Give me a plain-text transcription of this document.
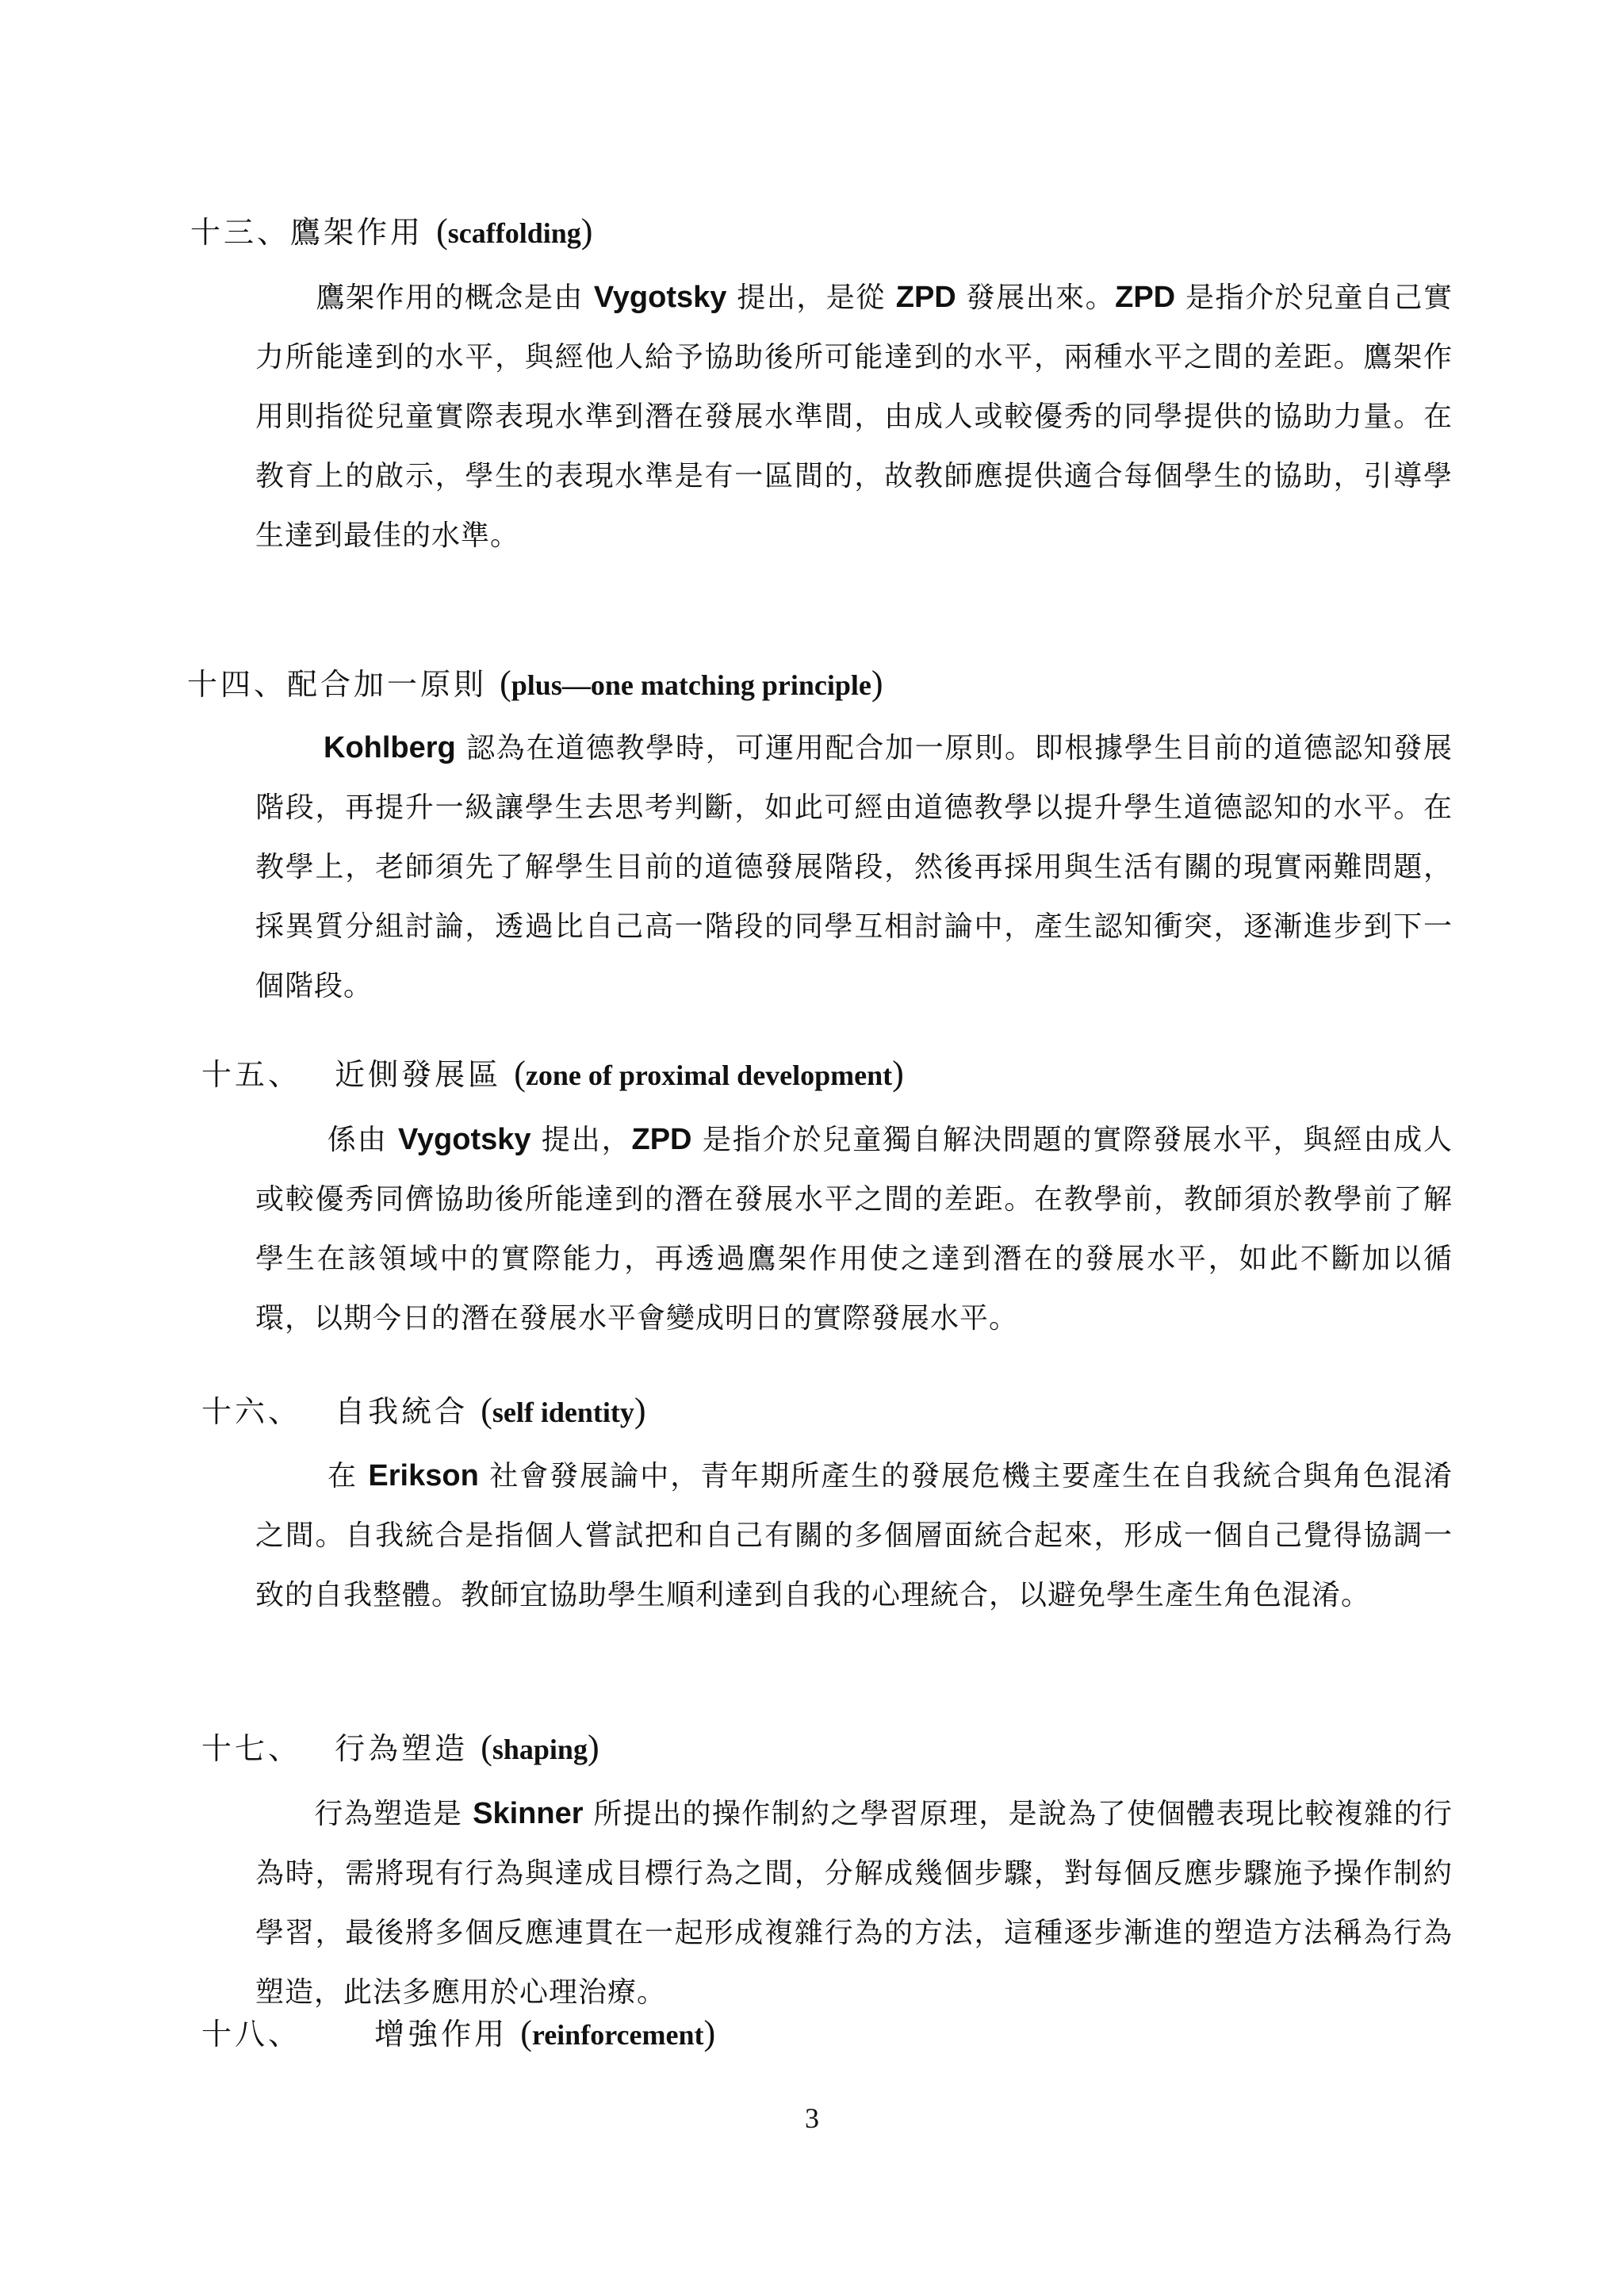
十三、鷹架作用 (scaffolding)
鷹架作用的概念是由 Vygotsky 提出，是從 ZPD 發展出來。ZPD 是指介於兒童自己實力所能達到的水平，與經他人給予協助後所可能達到的水平，兩種水平之間的差距。鷹架作用則指從兒童實際表現水準到潛在發展水準間，由成人或較優秀的同學提供的協助力量。在教育上的啟示，學生的表現水準是有一區間的，故教師應提供適合每個學生的協助，引導學生達到最佳的水準。
十四、配合加一原則 (plus—one matching principle)
Kohlberg 認為在道德教學時，可運用配合加一原則。即根據學生目前的道德認知發展階段，再提升一級讓學生去思考判斷，如此可經由道德教學以提升學生道德認知的水平。在教學上，老師須先了解學生目前的道德發展階段，然後再採用與生活有關的現實兩難問題，採異質分組討論，透過比自己高一階段的同學互相討論中，產生認知衝突，逐漸進步到下一個階段。
十五、 近側發展區 (zone of proximal development)
係由 Vygotsky 提出，ZPD 是指介於兒童獨自解決問題的實際發展水平，與經由成人或較優秀同儕協助後所能達到的潛在發展水平之間的差距。在教學前，教師須於教學前了解學生在該領域中的實際能力，再透過鷹架作用使之達到潛在的發展水平，如此不斷加以循環，以期今日的潛在發展水平會變成明日的實際發展水平。
十六、 自我統合 (self identity)
在 Erikson 社會發展論中，青年期所產生的發展危機主要產生在自我統合與角色混淆之間。自我統合是指個人嘗試把和自己有關的多個層面統合起來，形成一個自己覺得協調一致的自我整體。教師宜協助學生順利達到自我的心理統合，以避免學生產生角色混淆。
十七、 行為塑造 (shaping)
行為塑造是 Skinner 所提出的操作制約之學習原理，是說為了使個體表現比較複雜的行為時，需將現有行為與達成目標行為之間，分解成幾個步驟，對每個反應步驟施予操作制約學習，最後將多個反應連貫在一起形成複雜行為的方法，這種逐步漸進的塑造方法稱為行為塑造，此法多應用於心理治療。
十八、 增強作用 (reinforcement)
3
